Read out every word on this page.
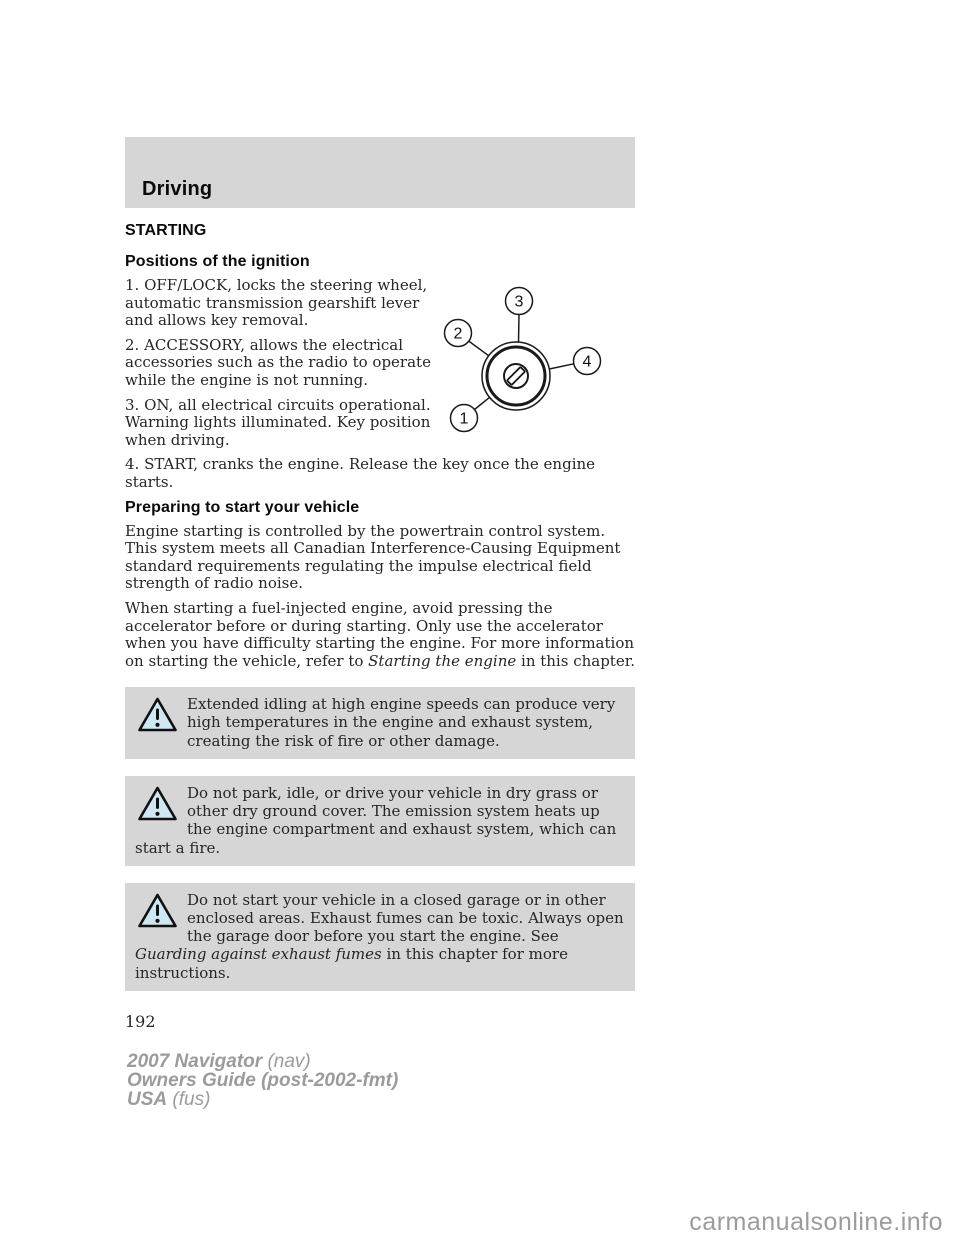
Driving
STARTING
Positions of the ignition

1. OFF/LOCK, locks the steering wheel, automatic transmission gearshift lever and allows key removal.

2. ACCESSORY, allows the electrical accessories such as the radio to operate while the engine is not running.

3. ON, all electrical circuits operational. Warning lights illuminated. Key position when driving.

3
2
4
1

4. START, cranks the engine. Release the key once the engine starts.

Preparing to start your vehicle

Engine starting is controlled by the powertrain control system. This system meets all Canadian Interference-Causing Equipment standard requirements regulating the impulse electrical field strength of radio noise.

When starting a fuel-injected engine, avoid pressing the accelerator before or during starting. Only use the accelerator when you have difficulty starting the engine. For more information on starting the vehicle, refer to Starting the engine in this chapter.

Extended idling at high engine speeds can produce very high temperatures in the engine and exhaust system, creating the risk of fire or other damage.
Do not park, idle, or drive your vehicle in dry grass or other dry ground cover. The emission system heats up the engine compartment and exhaust system, which can start a fire.
Do not start your vehicle in a closed garage or in other enclosed areas. Exhaust fumes can be toxic. Always open the garage door before you start the engine. See Guarding against exhaust fumes in this chapter for more instructions.

192

2007 Navigator (nav)
Owners Guide (post-2002-fmt)
USA (fus)
carmanualsonline.info
